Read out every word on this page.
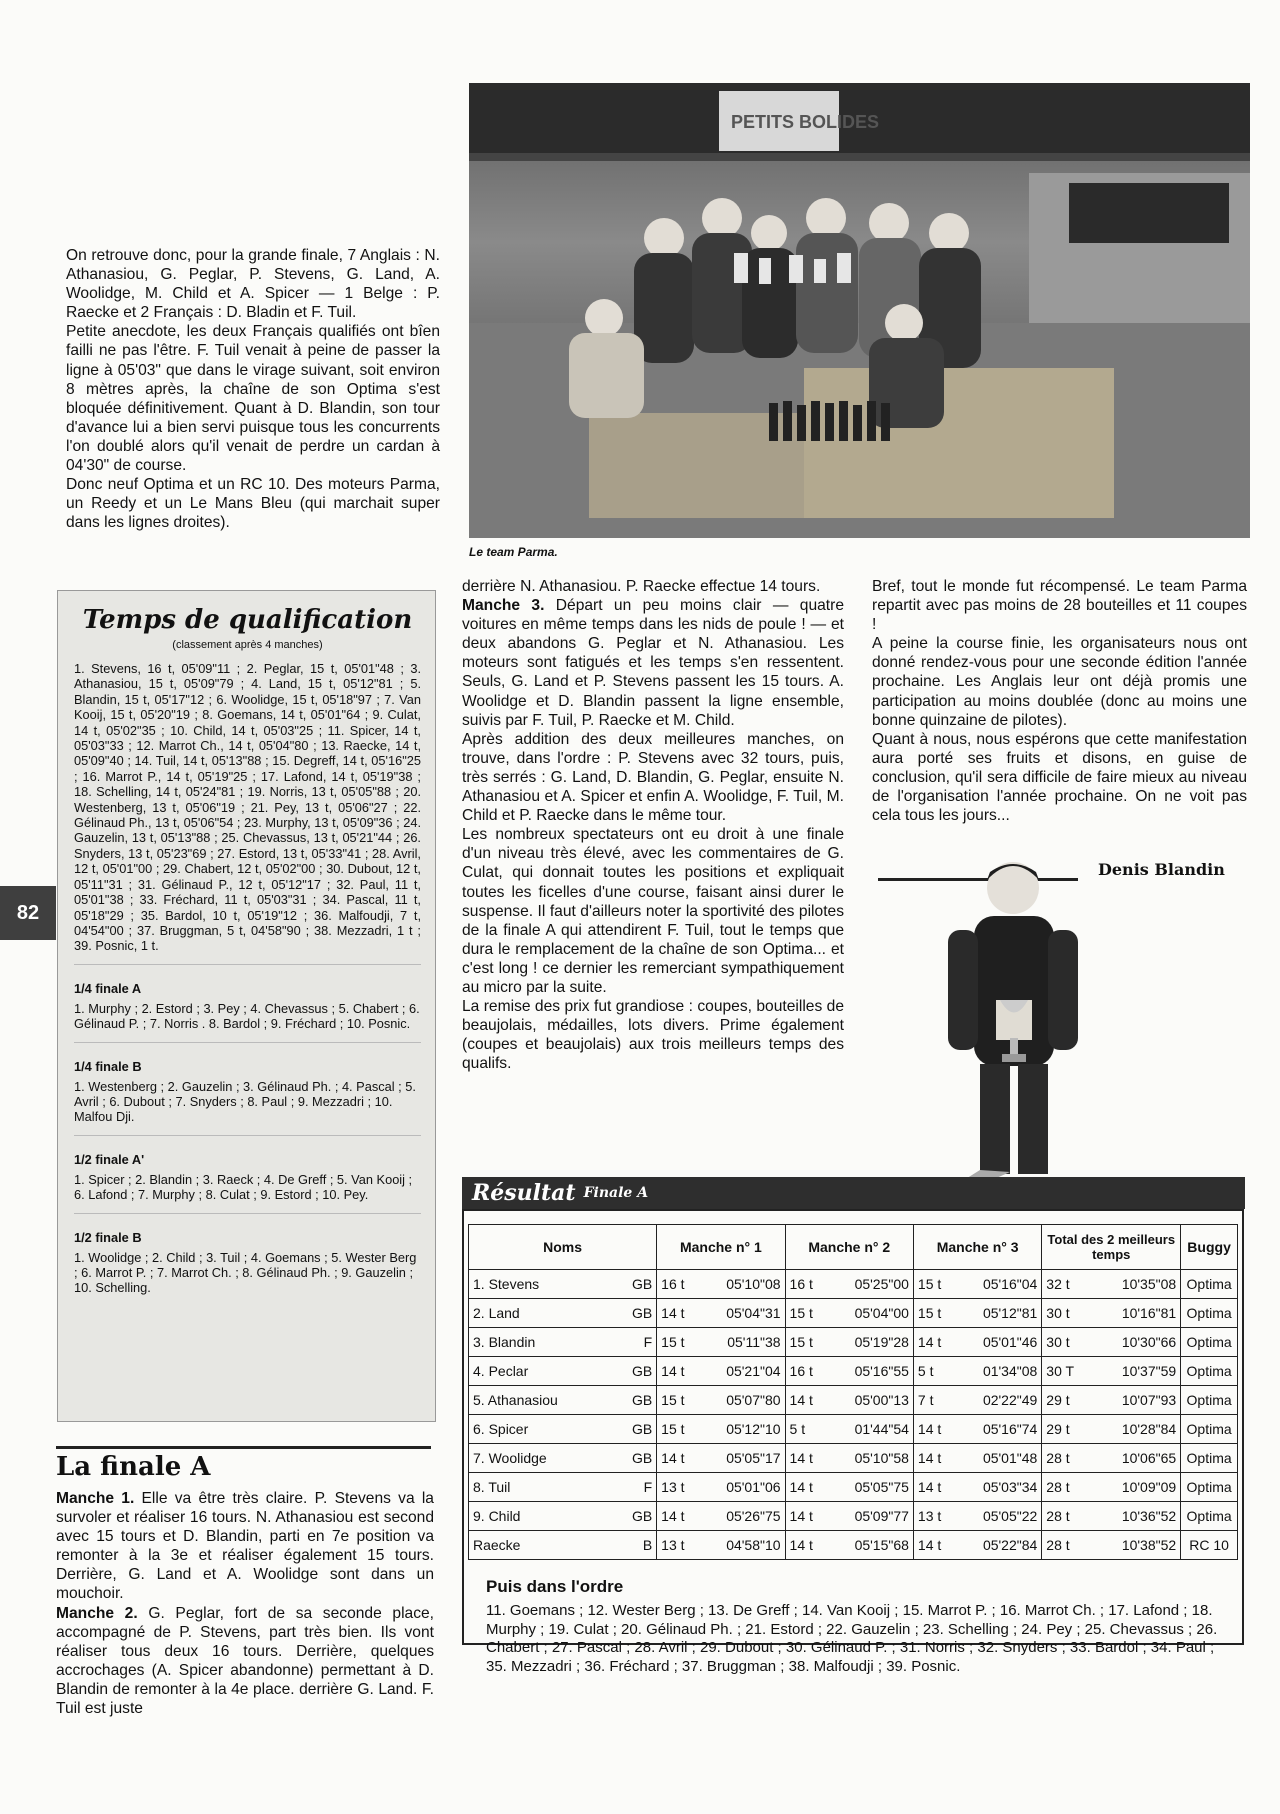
82

On retrouve donc, pour la grande finale, 7 Anglais : N. Athanasiou, G. Peglar, P. Stevens, G. Land, A. Woolidge, M. Child et A. Spicer — 1 Belge : P. Raecke et 2 Français : D. Bladin et F. Tuil.

Petite anecdote, les deux Français qualifiés ont bîen failli ne pas l'être. F. Tuil venait à peine de passer la ligne à 05'03" que dans le virage suivant, soit environ 8 mètres après, la chaîne de son Optima s'est bloquée définitivement. Quant à D. Blandin, son tour d'avance lui a bien servi puisque tous les concurrents l'on doublé alors qu'il venait de perdre un cardan à 04'30" de course.

Donc neuf Optima et un RC 10. Des moteurs Parma, un Reedy et un Le Mans Bleu (qui marchait super dans les lignes droites).

PETITS BOLIDES
Le team Parma.

Temps de qualification

(classement après 4 manches)

1. Stevens, 16 t, 05'09"11 ; 2. Peglar, 15 t, 05'01"48 ; 3. Athanasiou, 15 t, 05'09"79 ; 4. Land, 15 t, 05'12"81 ; 5. Blandin, 15 t, 05'17"12 ; 6. Woolidge, 15 t, 05'18"97 ; 7. Van Kooij, 15 t, 05'20"19 ; 8. Goemans, 14 t, 05'01"64 ; 9. Culat, 14 t, 05'02"35 ; 10. Child, 14 t, 05'03"25 ; 11. Spicer, 14 t, 05'03"33 ; 12. Marrot Ch., 14 t, 05'04"80 ; 13. Raecke, 14 t, 05'09"40 ; 14. Tuil, 14 t, 05'13"88 ; 15. Degreff, 14 t, 05'16"25 ; 16. Marrot P., 14 t, 05'19"25 ; 17. Lafond, 14 t, 05'19"38 ; 18. Schelling, 14 t, 05'24"81 ; 19. Norris, 13 t, 05'05"88 ; 20. Westenberg, 13 t, 05'06"19 ; 21. Pey, 13 t, 05'06"27 ; 22. Gélinaud Ph., 13 t, 05'06"54 ; 23. Murphy, 13 t, 05'09"36 ; 24. Gauzelin, 13 t, 05'13"88 ; 25. Chevassus, 13 t, 05'21"44 ; 26. Snyders, 13 t, 05'23"69 ; 27. Estord, 13 t, 05'33"41 ; 28. Avril, 12 t, 05'01"00 ; 29. Chabert, 12 t, 05'02"00 ; 30. Dubout, 12 t, 05'11"31 ; 31. Gélinaud P., 12 t, 05'12"17 ; 32. Paul, 11 t, 05'01"38 ; 33. Fréchard, 11 t, 05'03"31 ; 34. Pascal, 11 t, 05'18"29 ; 35. Bardol, 10 t, 05'19"12 ; 36. Malfoudji, 7 t, 04'54"00 ; 37. Bruggman, 5 t, 04'58"90 ; 38. Mezzadri, 1 t ; 39. Posnic, 1 t.

1/4 finale A

1. Murphy ; 2. Estord ; 3. Pey ; 4. Chevassus ; 5. Chabert ; 6. Gélinaud P. ; 7. Norris . 8. Bardol ; 9. Fréchard ; 10. Posnic.

1/4 finale B

1. Westenberg ; 2. Gauzelin ; 3. Gélinaud Ph. ; 4. Pascal ; 5. Avril ; 6. Dubout ; 7. Snyders ; 8. Paul ; 9. Mezzadri ; 10. Malfou Dji.

1/2 finale A'

1. Spicer ; 2. Blandin ; 3. Raeck ; 4. De Greff ; 5. Van Kooij ; 6. Lafond ; 7. Murphy ; 8. Culat ; 9. Estord ; 10. Pey.

1/2 finale B

1. Woolidge ; 2. Child ; 3. Tuil ; 4. Goemans ; 5. Wester Berg ; 6. Marrot P. ; 7. Marrot Ch. ; 8. Gélinaud Ph. ; 9. Gauzelin ; 10. Schelling.

La finale A

Manche 1. Elle va être très claire. P. Stevens va la survoler et réaliser 16 tours. N. Athanasiou est second avec 15 tours et D. Blandin, parti en 7e position va remonter à la 3e et réaliser également 15 tours. Derrière, G. Land et A. Woolidge sont dans un mouchoir.

Manche 2. G. Peglar, fort de sa seconde place, accompagné de P. Stevens, part très bien. Ils vont réaliser tous deux 16 tours. Derrière, quelques accrochages (A. Spicer abandonne) permettant à D. Blandin de remonter à la 4e place. derrière G. Land. F. Tuil est juste

derrière N. Athanasiou. P. Raecke effectue 14 tours.

Manche 3. Départ un peu moins clair — quatre voitures en même temps dans les nids de poule ! — et deux abandons G. Peglar et N. Athanasiou. Les moteurs sont fatigués et les temps s'en ressentent. Seuls, G. Land et P. Stevens passent les 15 tours. A. Woolidge et D. Blandin passent la ligne ensemble, suivis par F. Tuil, P. Raecke et M. Child.

Après addition des deux meilleures manches, on trouve, dans l'ordre : P. Stevens avec 32 tours, puis, très serrés : G. Land, D. Blandin, G. Peglar, ensuite N. Athanasiou et A. Spicer et enfin A. Woolidge, F. Tuil, M. Child et P. Raecke dans le même tour.

Les nombreux spectateurs ont eu droit à une finale d'un niveau très élevé, avec les commentaires de G. Culat, qui donnait toutes les positions et expliquait toutes les ficelles d'une course, faisant ainsi durer le suspense. Il faut d'ailleurs noter la sportivité des pilotes de la finale A qui attendirent F. Tuil, tout le temps que dura le remplacement de la chaîne de son Optima... et c'est long ! ce dernier les remerciant sympathiquement au micro par la suite.

La remise des prix fut grandiose : coupes, bouteilles de beaujolais, médailles, lots divers. Prime également (coupes et beaujolais) aux trois meilleurs temps des qualifs.

Bref, tout le monde fut récompensé. Le team Parma repartit avec pas moins de 28 bouteilles et 11 coupes !

A peine la course finie, les organisateurs nous ont donné rendez-vous pour une seconde édition l'année prochaine. Les Anglais leur ont déjà promis une participation au moins doublée (donc au moins une bonne quinzaine de pilotes).

Quant à nous, nous espérons que cette manifestation aura porté ses fruits et disons, en guise de conclusion, qu'il sera difficile de faire mieux au niveau de l'organisation l'année prochaine. On ne voit pas cela tous les jours...

Denis Blandin
Résultat Finale A
Noms		Manche n° 1		Manche n° 2		Manche n° 3		Total des 2 meilleurs temps		Buggy
1. Stevens	GB	16 t	05'10"08	16 t	05'25"00	15 t	05'16"04	32 t	10'35"08	Optima
2. Land	GB	14 t	05'04"31	15 t	05'04"00	15 t	05'12"81	30 t	10'16"81	Optima
3. Blandin	F	15 t	05'11"38	15 t	05'19"28	14 t	05'01"46	30 t	10'30"66	Optima
4. Peclar	GB	14 t	05'21"04	16 t	05'16"55	5 t	01'34"08	30 T	10'37"59	Optima
5. Athanasiou	GB	15 t	05'07"80	14 t	05'00"13	7 t	02'22"49	29 t	10'07"93	Optima
6. Spicer	GB	15 t	05'12"10	5 t	01'44"54	14 t	05'16"74	29 t	10'28"84	Optima
7. Woolidge	GB	14 t	05'05"17	14 t	05'10"58	14 t	05'01"48	28 t	10'06"65	Optima
8. Tuil	F	13 t	05'01"06	14 t	05'05"75	14 t	05'03"34	28 t	10'09"09	Optima
9. Child	GB	14 t	05'26"75	14 t	05'09"77	13 t	05'05"22	28 t	10'36"52	Optima
Raecke	B	13 t	04'58"10	14 t	05'15"68	14 t	05'22"84	28 t	10'38"52	RC 10
Puis dans l'ordre
11. Goemans ; 12. Wester Berg ; 13. De Greff ; 14. Van Kooij ; 15. Marrot P. ; 16. Marrot Ch. ; 17. Lafond ; 18. Murphy ; 19. Culat ; 20. Gélinaud Ph. ; 21. Estord ; 22. Gauzelin ; 23. Schelling ; 24. Pey ; 25. Chevassus ; 26. Chabert ; 27. Pascal ; 28. Avril ; 29. Dubout ; 30. Gélinaud P. ; 31. Norris ; 32. Snyders ; 33. Bardol ; 34. Paul ; 35. Mezzadri ; 36. Fréchard ; 37. Bruggman ; 38. Malfoudji ; 39. Posnic.
